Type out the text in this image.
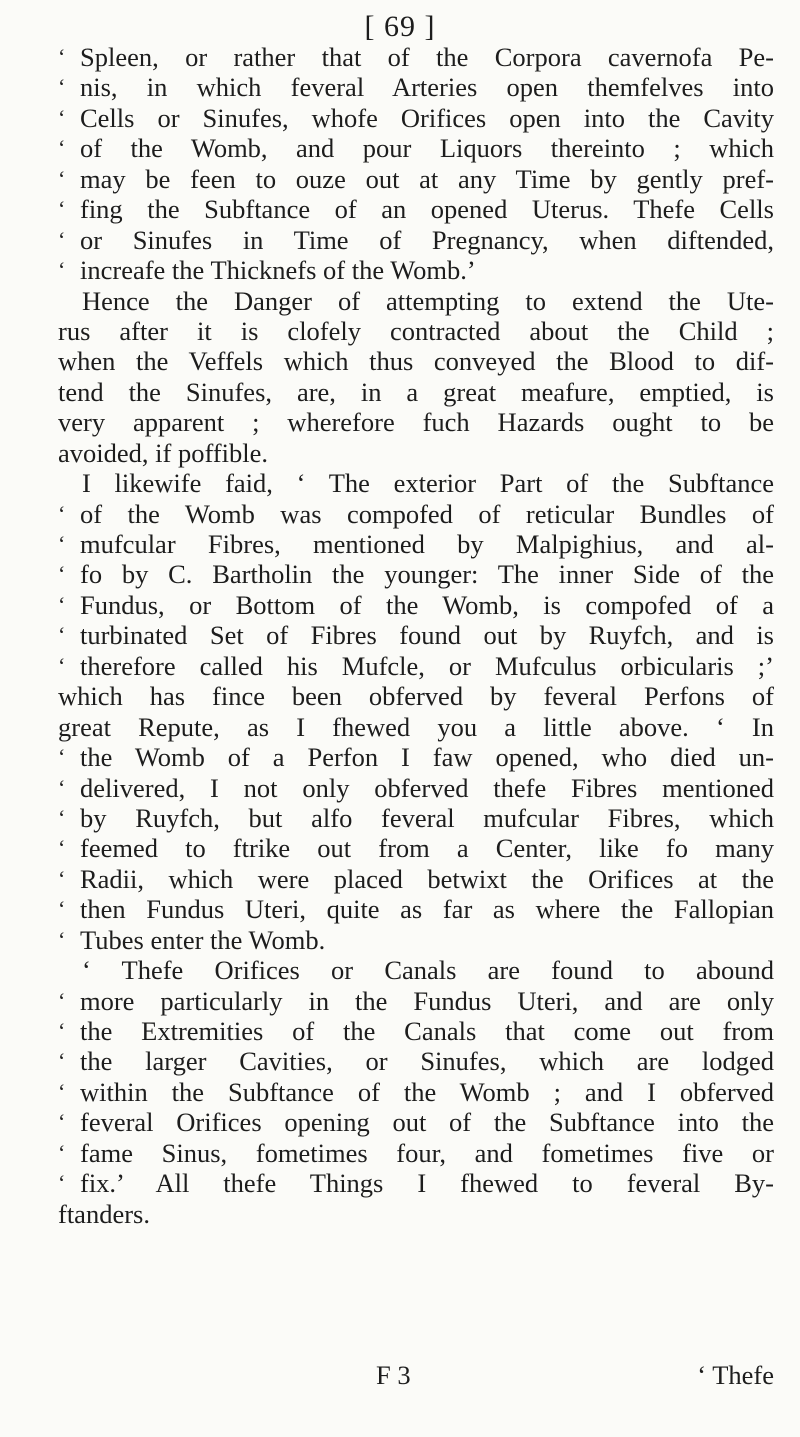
[ 69 ]
‘ Spleen, or rather that of the Corpora cavernofa Pe-
‘ nis, in which feveral Arteries open themfelves into
‘ Cells or Sinufes, whofe Orifices open into the Cavity
‘ of the Womb, and pour Liquors thereinto ; which
‘ may be feen to ouze out at any Time by gently pref-
‘ fing the Subftance of an opened Uterus. Thefe Cells
‘ or Sinufes in Time of Pregnancy, when diftended,
‘ increafe the Thicknefs of the Womb.’
Hence the Danger of attempting to extend the Ute-
rus after it is clofely contracted about the Child ;
when the Veffels which thus conveyed the Blood to dif-
tend the Sinufes, are, in a great meafure, emptied, is
very apparent ; wherefore fuch Hazards ought to be
avoided, if poffible.
I likewife faid, ‘ The exterior Part of the Subftance
‘ of the Womb was compofed of reticular Bundles of
‘ mufcular Fibres, mentioned by Malpighius, and al-
‘ fo by C. Bartholin the younger: The inner Side of the
‘ Fundus, or Bottom of the Womb, is compofed of a
‘ turbinated Set of Fibres found out by Ruyfch, and is
‘ therefore called his Mufcle, or Mufculus orbicularis ;’
which has fince been obferved by feveral Perfons of
great Repute, as I fhewed you a little above. ‘ In
‘ the Womb of a Perfon I faw opened, who died un-
‘ delivered, I not only obferved thefe Fibres mentioned
‘ by Ruyfch, but alfo feveral mufcular Fibres, which
‘ feemed to ftrike out from a Center, like fo many
‘ Radii, which were placed betwixt the Orifices at the
‘ then Fundus Uteri, quite as far as where the Fallopian
‘ Tubes enter the Womb.
‘ Thefe Orifices or Canals are found to abound
‘ more particularly in the Fundus Uteri, and are only
‘ the Extremities of the Canals that come out from
‘ the larger Cavities, or Sinufes, which are lodged
‘ within the Subftance of the Womb ; and I obferved
‘ feveral Orifices opening out of the Subftance into the
‘ fame Sinus, fometimes four, and fometimes five or
‘ fix.’ All thefe Things I fhewed to feveral By-
ftanders.
F 3	‘ Thefe
